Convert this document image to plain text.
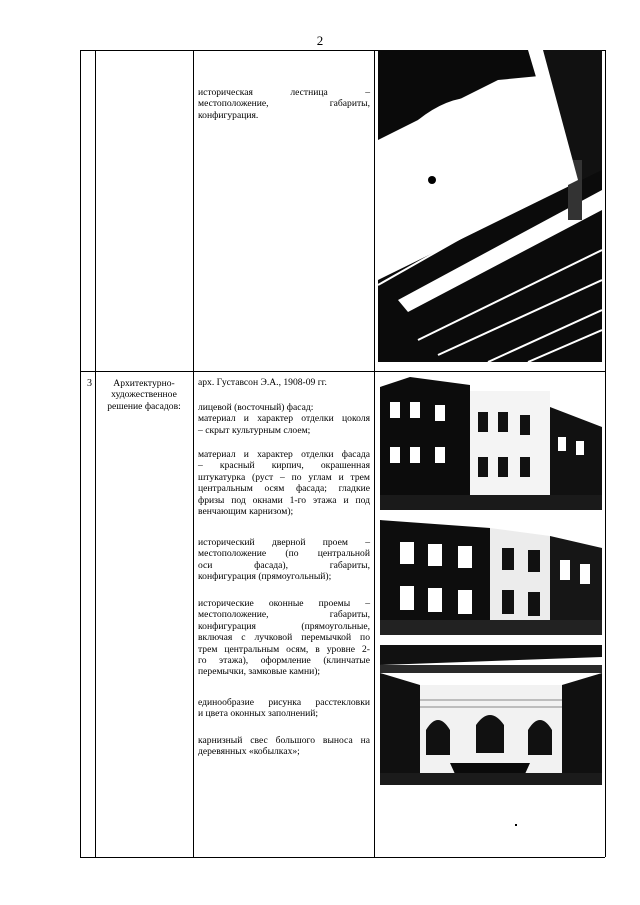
2
историческая лестница –
местоположение, габариты,
конфигурация.
3	Архитектурно-
художественное
решение фасадов:
арх. Густавсон Э.А., 1908-09 гг.
лицевой (восточный) фасад:
материал и характер отделки цоколя
– скрыт культурным слоем;
материал и характер отделки фасада
– красный кирпич, окрашенная
штукатурка (руст – по углам и трем
центральным осям фасада; гладкие
фризы под окнами 1-го этажа и под
венчающим карнизом);
исторический дверной проем –
местоположение (по центральной
оси фасада), габариты,
конфигурация (прямоугольный);
исторические оконные проемы –
местоположение, габариты,
конфигурация (прямоугольные,
включая с лучковой перемычкой по
трем центральным осям, в уровне 2-
го этажа), оформление (клинчатые
перемычки, замковые камни);
единообразие рисунка расстекловки
и цвета оконных заполнений;
карнизный свес большого выноса на
деревянных «кобылках»;
